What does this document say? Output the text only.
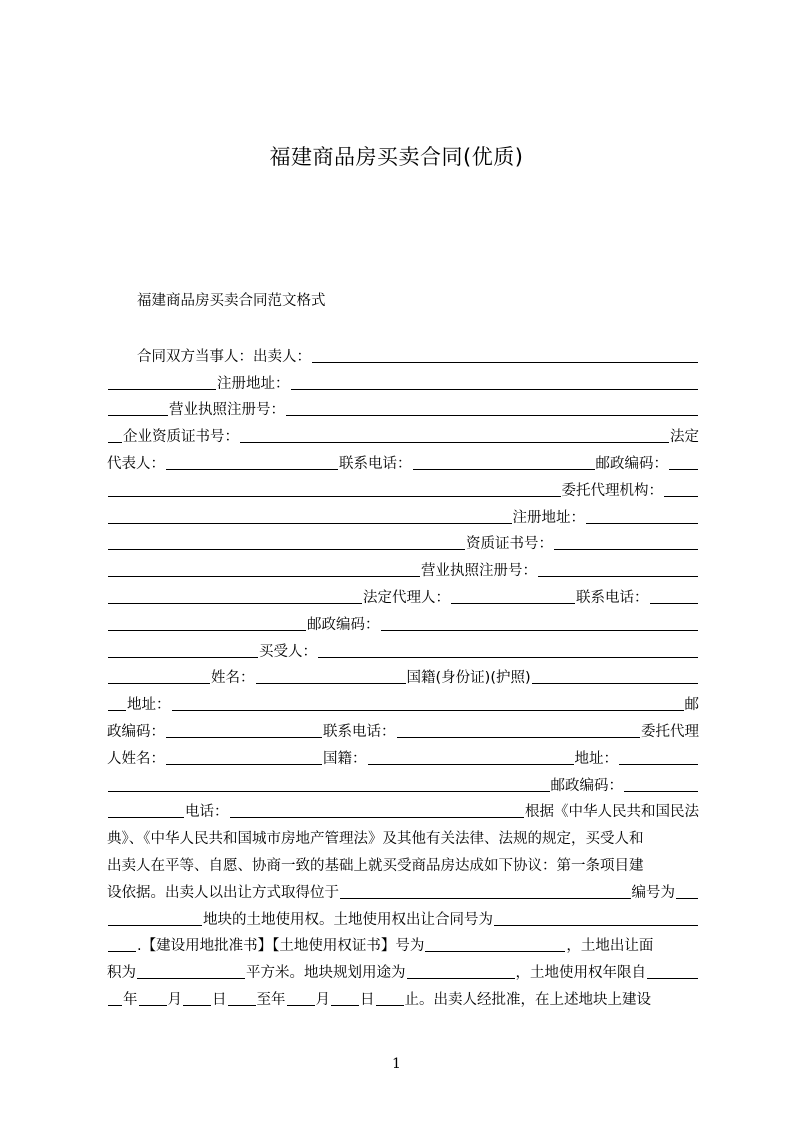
福建商品房买卖合同(优质)
福建商品房买卖合同范文格式
合同双方当事人：出卖人：
注册地址：
营业执照注册号：
企业资质证书号：	法定
代表人：	联系电话：	邮政编码：
委托代理机构：
注册地址：
资质证书号：
营业执照注册号：
法定代理人：	联系电话：
邮政编码：
买受人：
姓名：	国籍(身份证)(护照)
地址：	邮
政编码：	联系电话：	委托代理
人姓名：	国籍：	地址：
邮政编码：
电话：	根据《中华人民共和国民法
典》、《中华人民共和国城市房地产管理法》及其他有关法律、法规的规定，买受人和
出卖人在平等、自愿、协商一致的基础上就买受商品房达成如下协议：第一条项目建
设依据。出卖人以出让方式取得位于	编号为
地块的土地使用权。土地使用权出让合同号为
.【建设用地批准书】【土地使用权证书】号为	，土地出让面
积为	平方米。地块规划用途为	，土地使用权年限自
年 月 日 至年 月 日 止。出卖人经批准，在上述地块上建设
1
